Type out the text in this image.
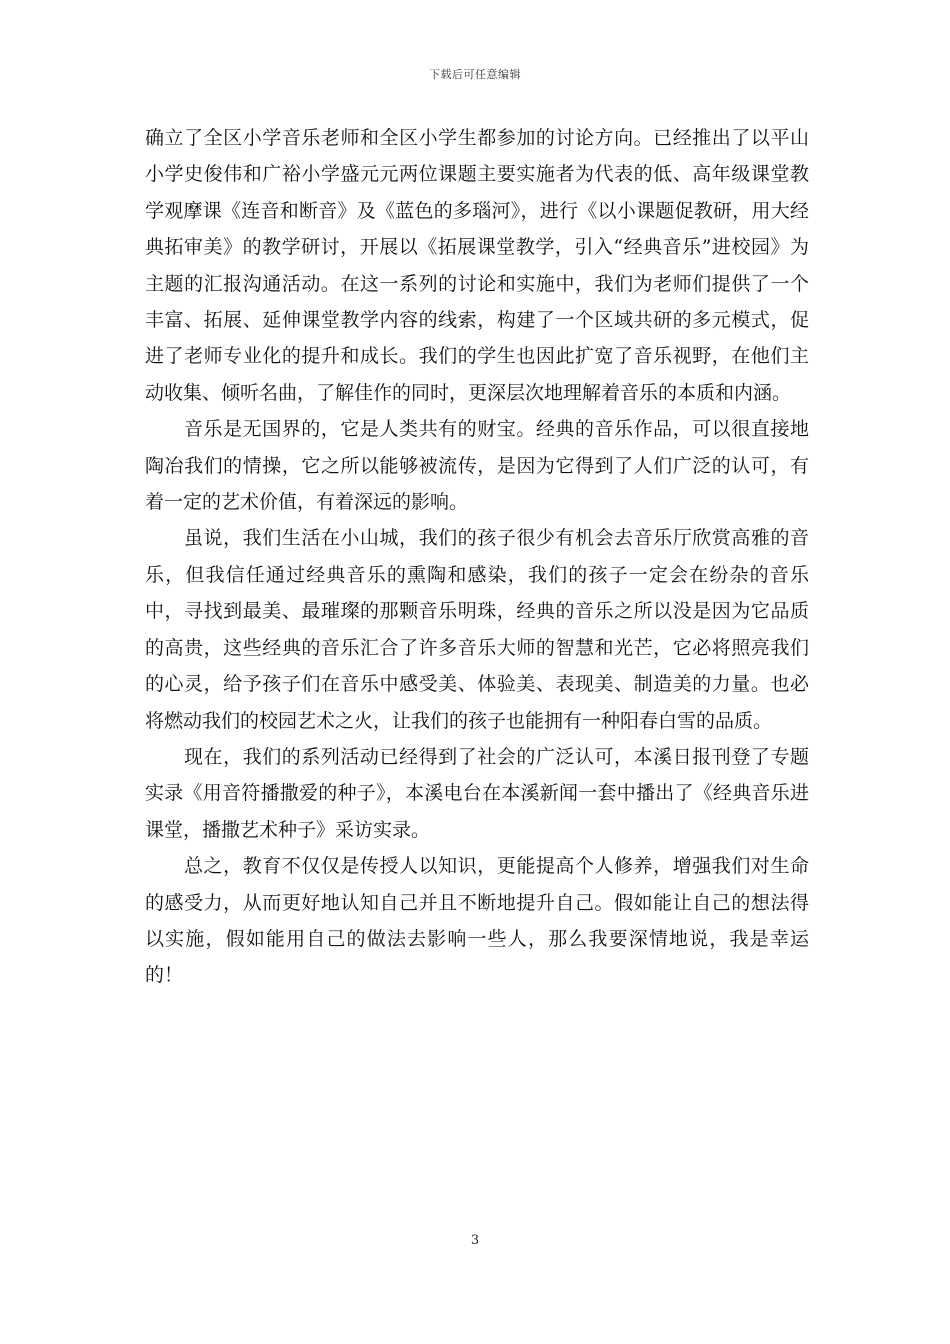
下载后可任意编辑

确立了全区小学音乐老师和全区小学生都参加的讨论方向。已经推出了以平山小学史俊伟和广裕小学盛元元两位课题主要实施者为代表的低、高年级课堂教学观摩课《连音和断音》及《蓝色的多瑙河》，进行《以小课题促教研，用大经典拓审美》的教学研讨，开展以《拓展课堂教学，引入“经典音乐”进校园》为主题的汇报沟通活动。在这一系列的讨论和实施中，我们为老师们提供了一个丰富、拓展、延伸课堂教学内容的线索，构建了一个区域共研的多元模式，促进了老师专业化的提升和成长。我们的学生也因此扩宽了音乐视野，在他们主动收集、倾听名曲，了解佳作的同时，更深层次地理解着音乐的本质和内涵。

音乐是无国界的，它是人类共有的财宝。经典的音乐作品，可以很直接地陶冶我们的情操，它之所以能够被流传，是因为它得到了人们广泛的认可，有着一定的艺术价值，有着深远的影响。

虽说，我们生活在小山城，我们的孩子很少有机会去音乐厅欣赏高雅的音乐，但我信任通过经典音乐的熏陶和感染，我们的孩子一定会在纷杂的音乐中，寻找到最美、最璀璨的那颗音乐明珠，经典的音乐之所以没是因为它品质的高贵，这些经典的音乐汇合了许多音乐大师的智慧和光芒，它必将照亮我们的心灵，给予孩子们在音乐中感受美、体验美、表现美、制造美的力量。也必将燃动我们的校园艺术之火，让我们的孩子也能拥有一种阳春白雪的品质。

现在，我们的系列活动已经得到了社会的广泛认可，本溪日报刊登了专题实录《用音符播撒爱的种子》，本溪电台在本溪新闻一套中播出了《经典音乐进课堂，播撒艺术种子》采访实录。

总之，教育不仅仅是传授人以知识，更能提高个人修养，增强我们对生命的感受力，从而更好地认知自己并且不断地提升自己。假如能让自己的想法得以实施，假如能用自己的做法去影响一些人，那么我要深情地说，我是幸运的！

3
